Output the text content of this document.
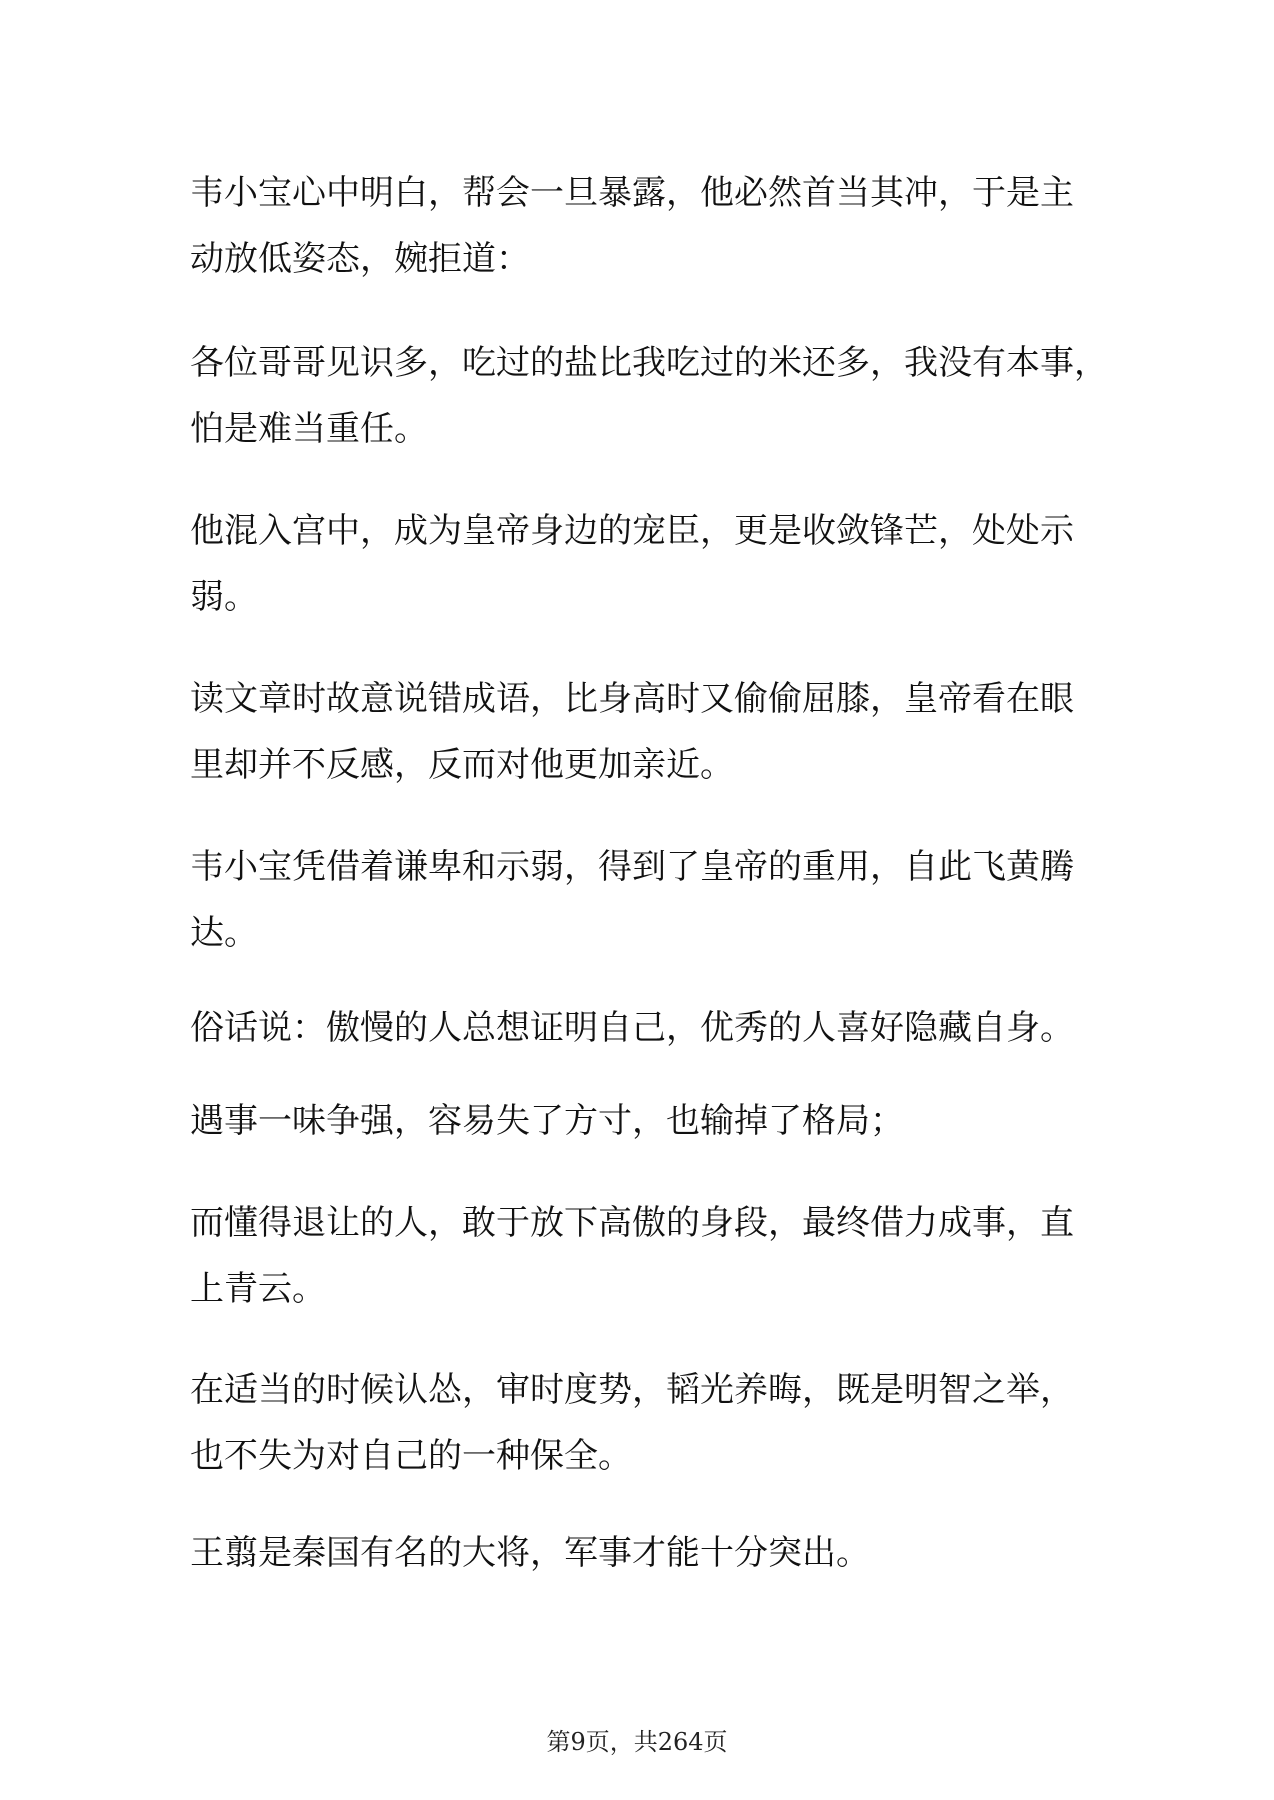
韦小宝心中明白，帮会一旦暴露，他必然首当其冲，于是主
动放低姿态，婉拒道：

各位哥哥见识多，吃过的盐比我吃过的米还多，我没有本事，
怕是难当重任。

他混入宫中，成为皇帝身边的宠臣，更是收敛锋芒，处处示
弱。

读文章时故意说错成语，比身高时又偷偷屈膝，皇帝看在眼
里却并不反感，反而对他更加亲近。

韦小宝凭借着谦卑和示弱，得到了皇帝的重用，自此飞黄腾
达。

俗话说：傲慢的人总想证明自己，优秀的人喜好隐藏自身。

遇事一味争强，容易失了方寸，也输掉了格局；

而懂得退让的人，敢于放下高傲的身段，最终借力成事，直
上青云。

在适当的时候认怂，审时度势，韬光养晦，既是明智之举，
也不失为对自己的一种保全。

王翦是秦国有名的大将，军事才能十分突出。

第9页，共264页
